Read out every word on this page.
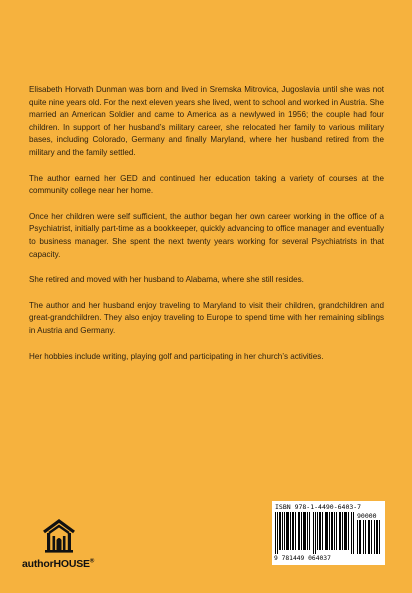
Elisabeth Horvath Dunman was born and lived in Sremska Mitrovica, Jugoslavia until she was not quite nine years old. For the next eleven years she lived, went to school and worked in Austria. She married an American Soldier and came to America as a newlywed in 1956; the couple had four children. In support of her husband’s military career, she relocated her family to various military bases, including Colorado, Germany and finally Maryland, where her husband retired from the military and the family settled.

The author earned her GED and continued her education taking a variety of courses at the community college near her home.

Once her children were self sufficient, the author began her own career working in the office of a Psychiatrist, initially part-time as a bookkeeper, quickly advancing to office manager and eventually to business manager. She spent the next twenty years working for several Psychiatrists in that capacity.

She retired and moved with her husband to Alabama, where she still resides.

The author and her husband enjoy traveling to Maryland to visit their children, grandchildren and great-grandchildren. They also enjoy traveling to Europe to spend time with her remaining siblings in Austria and Germany.

Her hobbies include writing, playing golf and participating in her church’s activities.

authorHOUSE®
ISBN 978-1-4490-6403-7
90000
9 781449 064037
